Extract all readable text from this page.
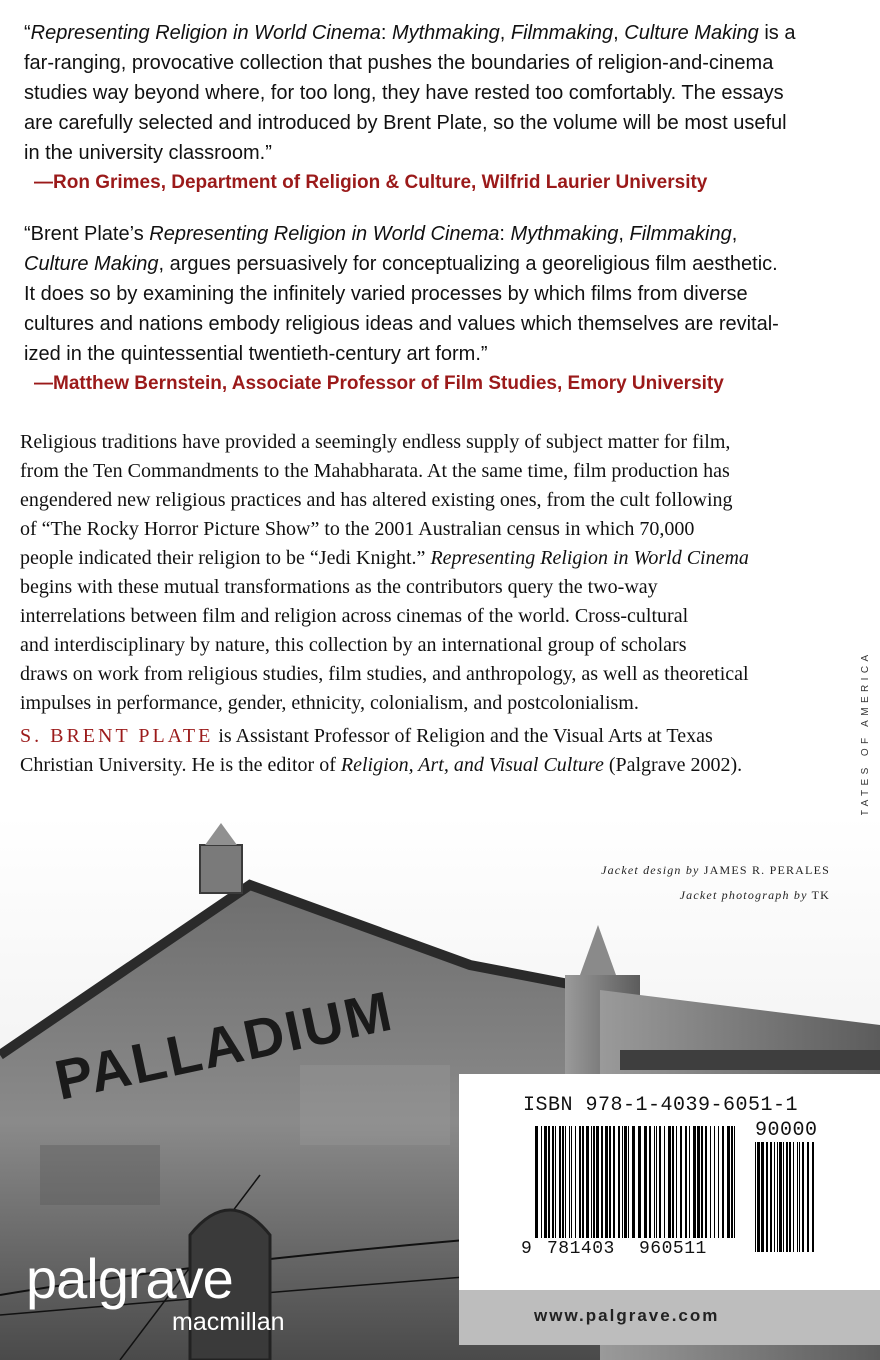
“Representing Religion in World Cinema: Mythmaking, Filmmaking, Culture Making is a
far-ranging, provocative collection that pushes the boundaries of religion-and-cinema
studies way beyond where, for too long, they have rested too comfortably. The essays
are carefully selected and introduced by Brent Plate, so the volume will be most useful
in the university classroom.”
—Ron Grimes, Department of Religion & Culture, Wilfrid Laurier University
“Brent Plate’s Representing Religion in World Cinema: Mythmaking, Filmmaking,
Culture Making, argues persuasively for conceptualizing a georeligious film aesthetic.
It does so by examining the infinitely varied processes by which films from diverse
cultures and nations embody religious ideas and values which themselves are revital-
ized in the quintessential twentieth-century art form.”
—Matthew Bernstein, Associate Professor of Film Studies, Emory University
Religious traditions have provided a seemingly endless supply of subject matter for film,
from the Ten Commandments to the Mahabharata. At the same time, film production has
engendered new religious practices and has altered existing ones, from the cult following
of “The Rocky Horror Picture Show” to the 2001 Australian census in which 70,000
people indicated their religion to be “Jedi Knight.” Representing Religion in World Cinema
begins with these mutual transformations as the contributors query the two-way
interrelations between film and religion across cinemas of the world. Cross-cultural
and interdisciplinary by nature, this collection by an international group of scholars
draws on work from religious studies, film studies, and anthropology, as well as theoretical
impulses in performance, gender, ethnicity, colonialism, and postcolonialism.
S. BRENT PLATE is Assistant Professor of Religion and the Visual Arts at Texas
Christian University. He is the editor of Religion, Art, and Visual Culture (Palgrave 2002).
PALLADIUM	ISBN 978-1-4039-6051-1
90000
9 781403 960511
www.palgrave.com
palgrave
macmillan
Jacket design by JAMES R. PERALES
Jacket photograph by TK
